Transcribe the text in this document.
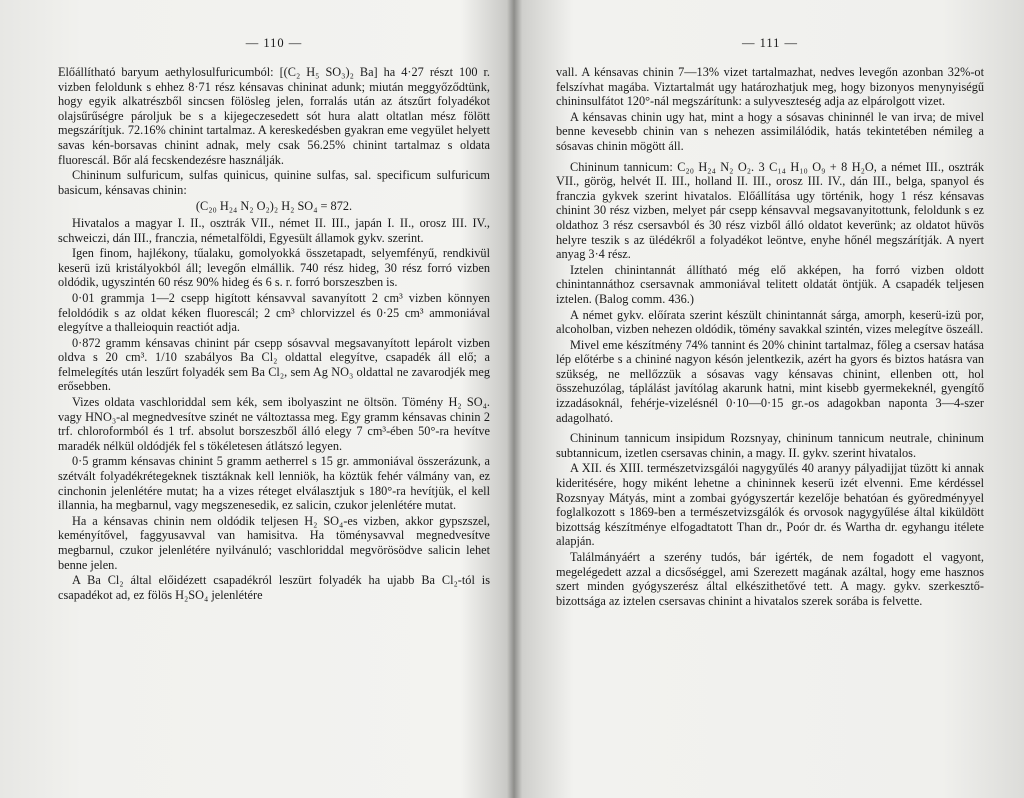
— 110 —

Előállítható baryum aethylosulfuricumból: [(C₂ H₅ SO₃)₂ Ba] ha 4·27 részt 100 r. vizben feloldunk s ehhez 8·71 rész kénsavas chininat adunk; miután meggyőződtünk, hogy egyik alkatrészből sincsen fölösleg jelen, forralás után az átszűrt folyadékot olajsűrűségre pároljuk be s a kijegeczesedett sót hura alatt oltatlan mész fölött megszárítjuk. 72.16% chinint tartalmaz. A kereskedésben gyakran eme vegyület helyett savas kén-borsavas chinint adnak, mely csak 56.25% chinint tartalmaz s oldata fluorescál. Bőr alá fecskendezésre használják.

Chininum sulfuricum, sulfas quinicus, quinine sulfas, sal. specificum sulfuricum basicum, kénsavas chinin:

(C₂₀ H₂₄ N₂ O₂)₂ H₂ SO₄ = 872.

Hivatalos a magyar I. II., osztrák VII., német II. III., japán I. II., orosz III. IV., schweiczi, dán III., franczia, németalföldi, Egyesült államok gykv. szerint.

Igen finom, hajlékony, tűalaku, gomolyokká összetapadt, selyemfényű, rendkivül keserü izü kristályokból áll; levegőn elmállik. 740 rész hideg, 30 rész forró vizben oldódik, ugyszintén 60 rész 90% hideg és 6 s. r. forró borszeszben is.

0·01 grammja 1—2 csepp higított kénsavval savanyított 2 cm³ vizben könnyen feloldódik s az oldat kéken fluorescál; 2 cm³ chlorvizzel és 0·25 cm³ ammoniával elegyítve a thalleioquin reactiót adja.

0·872 gramm kénsavas chinint pár csepp sósavval megsavanyított lepárolt vizben oldva s 20 cm³. 1/10 szabályos Ba Cl₂ oldattal elegyítve, csapadék áll elő; a felmelegítés után leszűrt folyadék sem Ba Cl₂, sem Ag NO₃ oldattal ne zavarodjék meg erősebben.

Vizes oldata vaschloriddal sem kék, sem ibolyaszint ne öltsön. Tömény H₂ SO₄. vagy HNO₃-al megnedvesítve szinét ne változtassa meg. Egy gramm kénsavas chinin 2 trf. chloroformból és 1 trf. absolut borszeszből álló elegy 7 cm³-ében 50°-ra hevítve maradék nélkül oldódjék fel s tökéletesen átlátszó legyen.

0·5 gramm kénsavas chinint 5 gramm aetherrel s 15 gr. ammoniával összerázunk, a szétvált folyadékrétegeknek tisztáknak kell lenniök, ha köztük fehér válmány van, ez cinchonin jelenlétére mutat; ha a vizes réteget elválasztjuk s 180°-ra hevítjük, el kell illannia, ha megbarnul, vagy megszenesedik, ez salicin, czukor jelenlétére mutat.

Ha a kénsavas chinin nem oldódik teljesen H₂ SO₄-es vizben, akkor gypszszel, keményítővel, faggyusavval van hamisitva. Ha töménysavval megnedvesítve megbarnul, czukor jelenlétére nyilvánuló; vaschloriddal megvörösödve salicin lehet benne jelen.

A Ba Cl₂ által előidézett csapadékról leszürt folyadék ha ujabb Ba Cl₂-tól is csapadékot ad, ez fölös H₂SO₄ jelenlétére

— 111 —

vall. A kénsavas chinin 7—13% vizet tartalmazhat, nedves levegőn azonban 32%-ot felszívhat magába. Viztartalmát ugy határozhatjuk meg, hogy bizonyos menynyiségű chininsulfátot 120°-nál megszárítunk: a sulyveszteség adja az elpárolgott vizet.

A kénsavas chinin ugy hat, mint a hogy a sósavas chininnél le van irva; de mivel benne kevesebb chinin van s nehezen assimilálódik, hatás tekintetében némileg a sósavas chinin mögött áll.

Chininum tannicum: C₂₀ H₂₄ N₂ O₂. 3 C₁₄ H₁₀ O₉ + 8 H₂O, a német III., osztrák VII., görög, helvét II. III., holland II. III., orosz III. IV., dán III., belga, spanyol és franczia gykvek szerint hivatalos. Előállítása ugy történik, hogy 1 rész kénsavas chinint 30 rész vizben, melyet pár csepp kénsavval megsavanyitottunk, feloldunk s ez oldathoz 3 rész csersavból és 30 rész vizből álló oldatot keverünk; az oldatot hüvös helyre teszik s az ülédékről a folyadékot leöntve, enyhe hőnél megszárítják. A nyert anyag 3·4 rész.

Iztelen chinintannát állítható még elő akképen, ha forró vizben oldott chinintannáthoz csersavnak ammoniával telitett oldatát öntjük. A csapadék teljesen iztelen. (Balog comm. 436.)

A német gykv. előírata szerint készült chinintannát sárga, amorph, keserü-izü por, alcoholban, vizben nehezen oldódik, tömény savakkal szintén, vizes melegítve öszeáll.

Mivel eme készítmény 74% tannint és 20% chinint tartalmaz, főleg a csersav hatása lép előtérbe s a chininé nagyon késón jelentkezik, azért ha gyors és biztos hatásra van szükség, ne mellőzzük a sósavas vagy kénsavas chinint, ellenben ott, hol összehuzólag, táplálást javítólag akarunk hatni, mint kisebb gyermekeknél, gyengítő izzadásoknál, fehérje-vizelésnél 0·10—0·15 gr.-os adagokban naponta 3—4-szer adagolható.

Chininum tannicum insipidum Rozsnyay, chininum tannicum neutrale, chininum subtannicum, izetlen csersavas chinin, a magy. II. gykv. szerint hivatalos.

A XII. és XIII. természetvizsgálói nagygyűlés 40 aranyy pályadijjat tüzött ki annak kideritésére, hogy miként lehetne a chininnek keserü izét elvenni. Eme kérdéssel Rozsnyay Mátyás, mint a zombai gyógyszertár kezelője behatóan és györedményyel foglalkozott s 1869-ben a természetvizsgálók és orvosok nagygyűlése által kiküldött bizottság készítménye elfogadtatott Than dr., Poór dr. és Wartha dr. egyhangu itélete alapján.

Találmányáért a szerény tudós, bár igérték, de nem fogadott el vagyont, megelégedett azzal a dicsőséggel, ami Szerezett magának azáltal, hogy eme hasznos szert minden gyógyszerész által elkészithetővé tett. A magy. gykv. szerkesztő-bizottsága az iztelen csersavas chinint a hivatalos szerek sorába is felvette.
